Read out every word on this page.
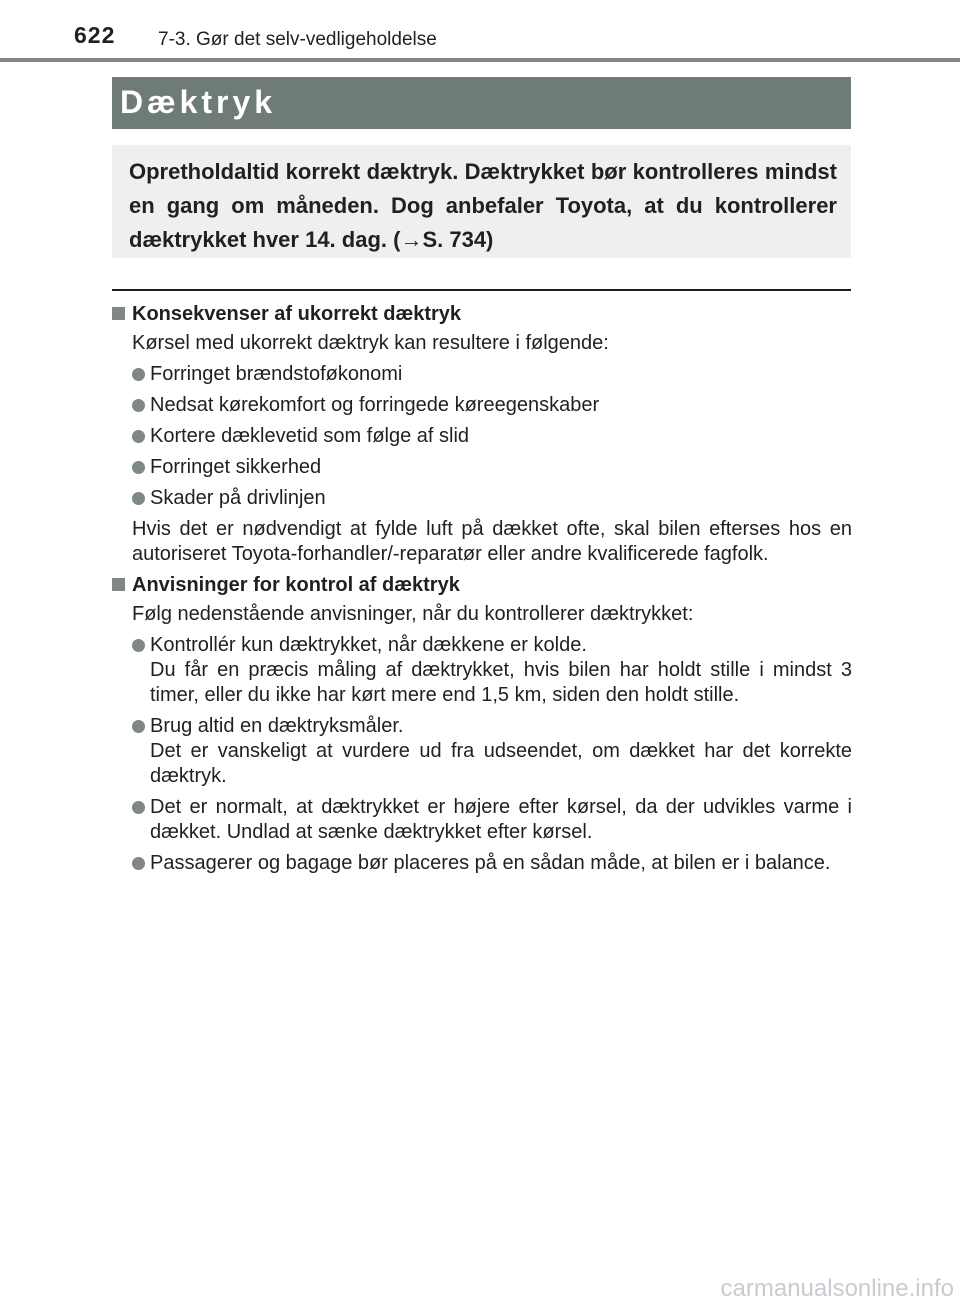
622 7-3. Gør det selv-vedligeholdelse
Dæktryk

Opretholdaltid korrekt dæktryk. Dæktrykket bør kontrolleres mindst en gang om måneden. Dog anbefaler Toyota, at du kontrollerer dæktrykket hver 14. dag. (→S. 734)

Konsekvenser af ukorrekt dæktryk
Kørsel med ukorrekt dæktryk kan resultere i følgende:
Forringet brændstoføkonomi
Nedsat kørekomfort og forringede køreegenskaber
Kortere dæklevetid som følge af slid
Forringet sikkerhed
Skader på drivlinjen
Hvis det er nødvendigt at fylde luft på dækket ofte, skal bilen efterses hos en autoriseret Toyota-forhandler/-reparatør eller andre kvalificerede fagfolk.
Anvisninger for kontrol af dæktryk
Følg nedenstående anvisninger, når du kontrollerer dæktrykket:
Kontrollér kun dæktrykket, når dækkene er kolde.
Du får en præcis måling af dæktrykket, hvis bilen har holdt stille i mindst 3 timer, eller du ikke har kørt mere end 1,5 km, siden den holdt stille.
Brug altid en dæktryksmåler.
Det er vanskeligt at vurdere ud fra udseendet, om dækket har det korrekte dæktryk.
Det er normalt, at dæktrykket er højere efter kørsel, da der udvikles varme i dækket. Undlad at sænke dæktrykket efter kørsel.
Passagerer og bagage bør placeres på en sådan måde, at bilen er i balance.
carmanualsonline.info
